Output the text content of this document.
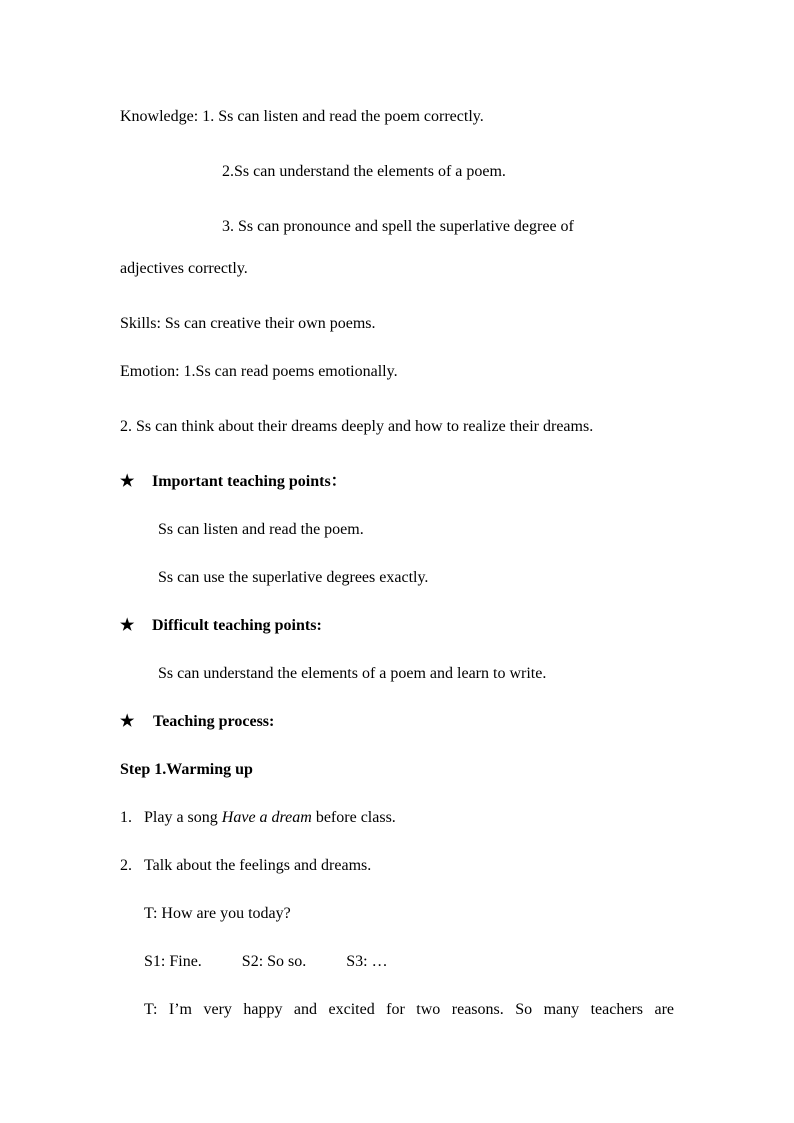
Knowledge: 1. Ss can listen and read the poem correctly.
2.Ss can understand the elements of a poem.
3. Ss can pronounce and spell the superlative degree of
adjectives correctly.
Skills: Ss can creative their own poems.
Emotion: 1.Ss can read poems emotionally.
2. Ss can think about their dreams deeply and how to realize their dreams.
★ Important teaching points：
Ss can listen and read the poem.
Ss can use the superlative degrees exactly.
★ Difficult teaching points:
Ss can understand the elements of a poem and learn to write.
★ Teaching process:
Step 1.Warming up
1. Play a song Have a dream before class.
2. Talk about the feelings and dreams.
T: How are you today?
S1: Fine.	S2: So so.	S3: …
T: I’m very happy and excited for two reasons. So many teachers are
